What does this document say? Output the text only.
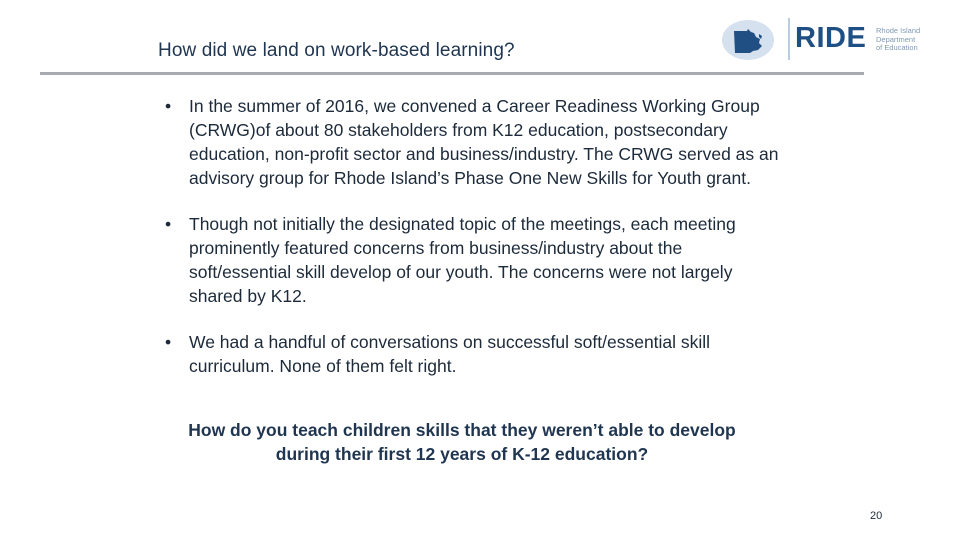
How did we land on work-based learning?	RIDE Rhode Island
Department
of Education
• In the summer of 2016, we convened a Career Readiness Working Group (CRWG)of about 80 stakeholders from K12 education, postsecondary education, non-profit sector and business/industry. The CRWG served as an advisory group for Rhode Island’s Phase One New Skills for Youth grant.
• Though not initially the designated topic of the meetings, each meeting prominently featured concerns from business/industry about the soft/essential skill develop of our youth. The concerns were not largely shared by K12.
• We had a handful of conversations on successful soft/essential skill curriculum. None of them felt right.
How do you teach children skills that they weren’t able to develop during their first 12 years of K-12 education?
20
